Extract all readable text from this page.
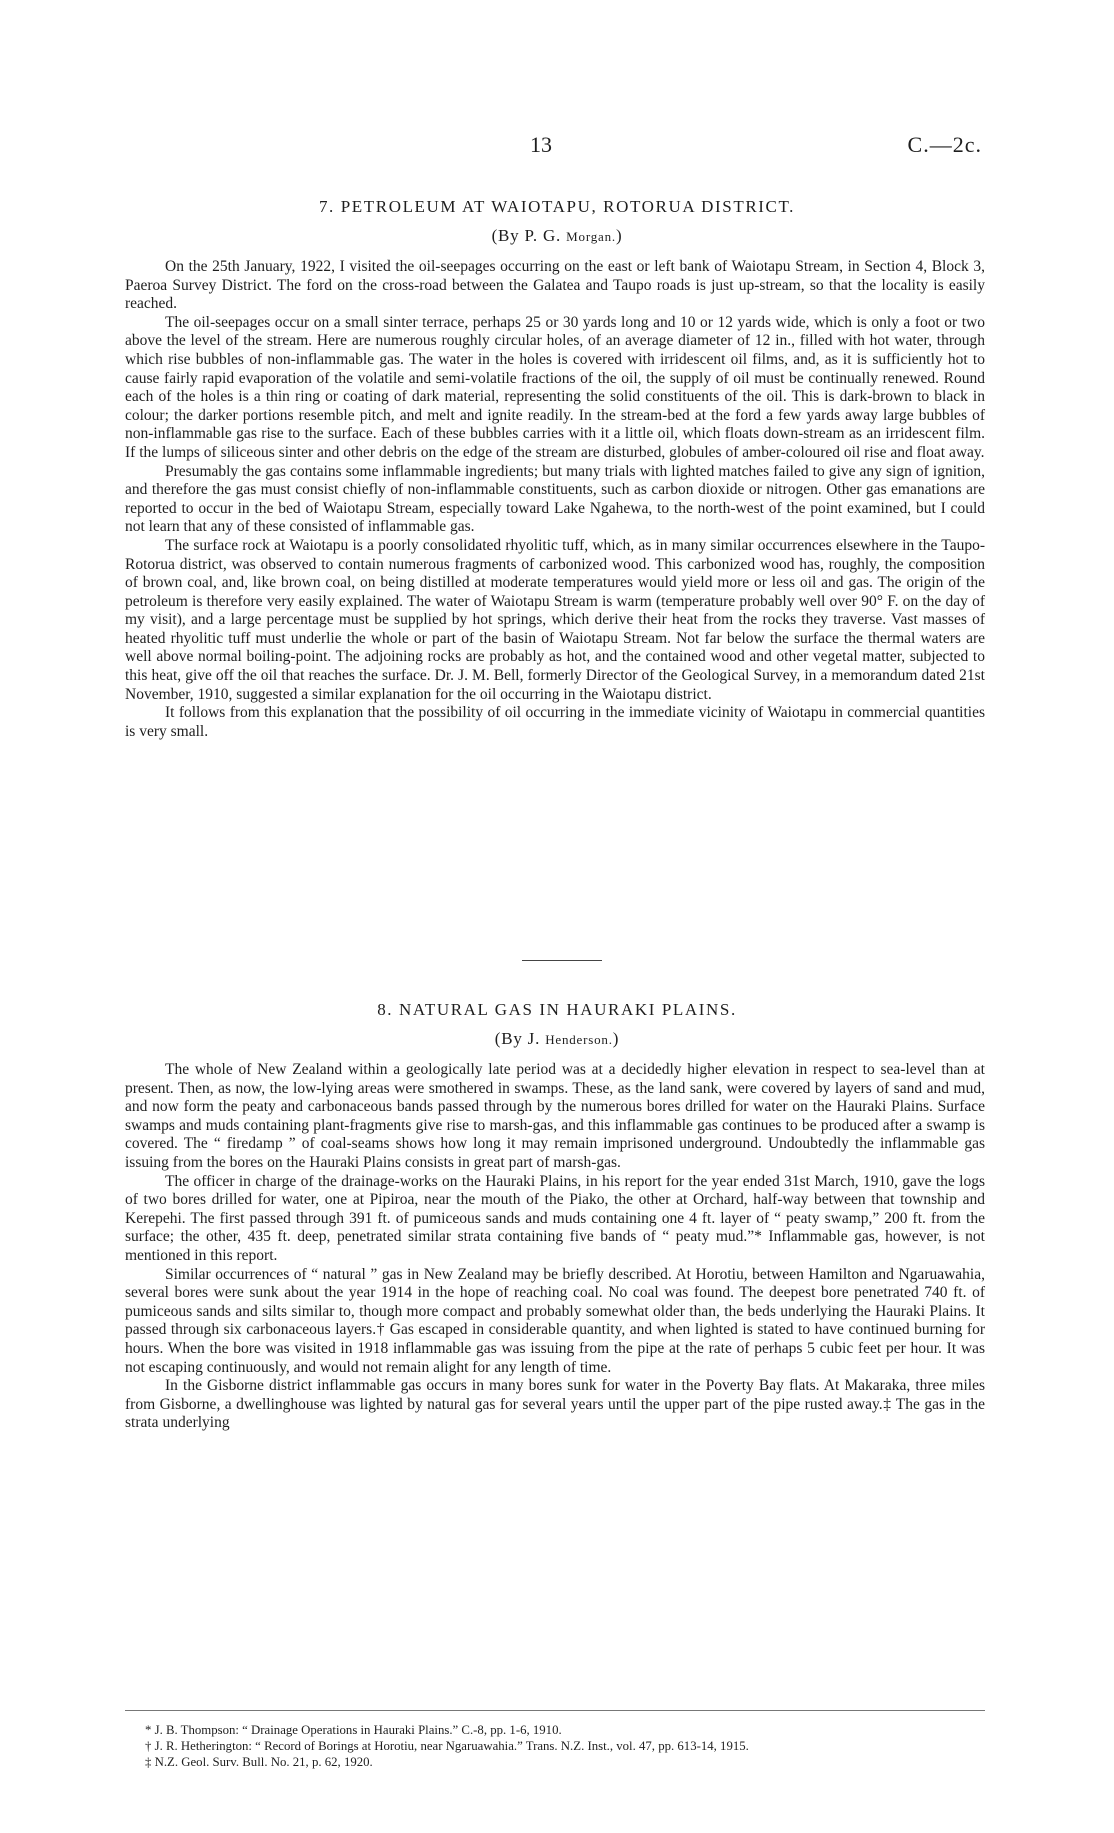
13	C.—2c.
7. PETROLEUM AT WAIOTAPU, ROTORUA DISTRICT.
(By P. G. Morgan.)

On the 25th January, 1922, I visited the oil-seepages occurring on the east or left bank of Waiotapu Stream, in Section 4, Block 3, Paeroa Survey District. The ford on the cross-road between the Galatea and Taupo roads is just up-stream, so that the locality is easily reached.

The oil-seepages occur on a small sinter terrace, perhaps 25 or 30 yards long and 10 or 12 yards wide, which is only a foot or two above the level of the stream. Here are numerous roughly circular holes, of an average diameter of 12 in., filled with hot water, through which rise bubbles of non-inflammable gas. The water in the holes is covered with irridescent oil films, and, as it is sufficiently hot to cause fairly rapid evaporation of the volatile and semi-volatile fractions of the oil, the supply of oil must be continually renewed. Round each of the holes is a thin ring or coating of dark material, representing the solid constituents of the oil. This is dark-brown to black in colour; the darker portions resemble pitch, and melt and ignite readily. In the stream-bed at the ford a few yards away large bubbles of non-inflammable gas rise to the surface. Each of these bubbles carries with it a little oil, which floats down-stream as an irridescent film. If the lumps of siliceous sinter and other debris on the edge of the stream are disturbed, globules of amber-coloured oil rise and float away.

Presumably the gas contains some inflammable ingredients; but many trials with lighted matches failed to give any sign of ignition, and therefore the gas must consist chiefly of non-inflammable constituents, such as carbon dioxide or nitrogen. Other gas emanations are reported to occur in the bed of Waiotapu Stream, especially toward Lake Ngahewa, to the north-west of the point examined, but I could not learn that any of these consisted of inflammable gas.

The surface rock at Waiotapu is a poorly consolidated rhyolitic tuff, which, as in many similar occurrences elsewhere in the Taupo-Rotorua district, was observed to contain numerous fragments of carbonized wood. This carbonized wood has, roughly, the composition of brown coal, and, like brown coal, on being distilled at moderate temperatures would yield more or less oil and gas. The origin of the petroleum is therefore very easily explained. The water of Waiotapu Stream is warm (temperature probably well over 90° F. on the day of my visit), and a large percentage must be supplied by hot springs, which derive their heat from the rocks they traverse. Vast masses of heated rhyolitic tuff must underlie the whole or part of the basin of Waiotapu Stream. Not far below the surface the thermal waters are well above normal boiling-point. The adjoining rocks are probably as hot, and the contained wood and other vegetal matter, subjected to this heat, give off the oil that reaches the surface. Dr. J. M. Bell, formerly Director of the Geological Survey, in a memorandum dated 21st November, 1910, suggested a similar explanation for the oil occurring in the Waiotapu district.

It follows from this explanation that the possibility of oil occurring in the immediate vicinity of Waiotapu in commercial quantities is very small.

8. NATURAL GAS IN HAURAKI PLAINS.
(By J. Henderson.)

The whole of New Zealand within a geologically late period was at a decidedly higher elevation in respect to sea-level than at present. Then, as now, the low-lying areas were smothered in swamps. These, as the land sank, were covered by layers of sand and mud, and now form the peaty and carbonaceous bands passed through by the numerous bores drilled for water on the Hauraki Plains. Surface swamps and muds containing plant-fragments give rise to marsh-gas, and this inflammable gas continues to be produced after a swamp is covered. The “ firedamp ” of coal-seams shows how long it may remain imprisoned underground. Undoubtedly the inflammable gas issuing from the bores on the Hauraki Plains consists in great part of marsh-gas.

The officer in charge of the drainage-works on the Hauraki Plains, in his report for the year ended 31st March, 1910, gave the logs of two bores drilled for water, one at Pipiroa, near the mouth of the Piako, the other at Orchard, half-way between that township and Kerepehi. The first passed through 391 ft. of pumiceous sands and muds containing one 4 ft. layer of “ peaty swamp,” 200 ft. from the surface; the other, 435 ft. deep, penetrated similar strata containing five bands of “ peaty mud.”* Inflammable gas, however, is not mentioned in this report.

Similar occurrences of “ natural ” gas in New Zealand may be briefly described. At Horotiu, between Hamilton and Ngaruawahia, several bores were sunk about the year 1914 in the hope of reaching coal. No coal was found. The deepest bore penetrated 740 ft. of pumiceous sands and silts similar to, though more compact and probably somewhat older than, the beds underlying the Hauraki Plains. It passed through six carbonaceous layers.† Gas escaped in considerable quantity, and when lighted is stated to have continued burning for hours. When the bore was visited in 1918 inflammable gas was issuing from the pipe at the rate of perhaps 5 cubic feet per hour. It was not escaping continuously, and would not remain alight for any length of time.

In the Gisborne district inflammable gas occurs in many bores sunk for water in the Poverty Bay flats. At Makaraka, three miles from Gisborne, a dwellinghouse was lighted by natural gas for several years until the upper part of the pipe rusted away.‡ The gas in the strata underlying

* J. B. Thompson: “ Drainage Operations in Hauraki Plains.” C.-8, pp. 1-6, 1910.

† J. R. Hetherington: “ Record of Borings at Horotiu, near Ngaruawahia.” Trans. N.Z. Inst., vol. 47, pp. 613-14, 1915.

‡ N.Z. Geol. Surv. Bull. No. 21, p. 62, 1920.
